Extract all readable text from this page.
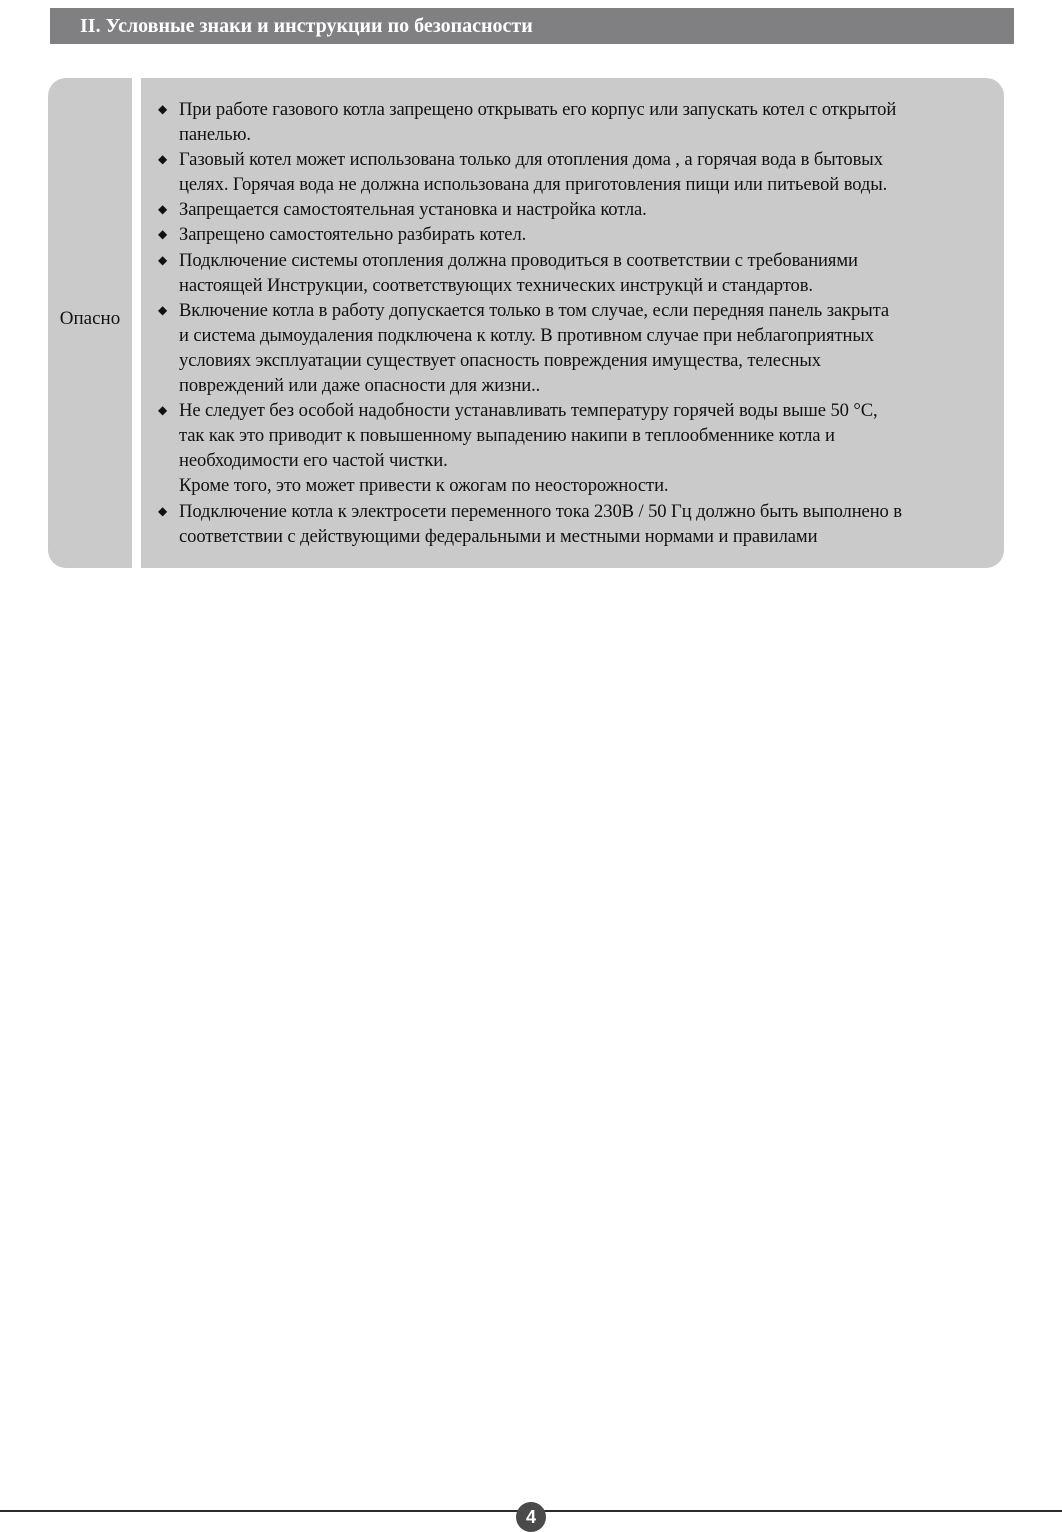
II. Условные знаки и инструкции по безопасности
Опасно
◆ При работе газового котла запрещено открывать его корпус или запускать котел с открытой
панелью.
◆ Газовый котел может использована только для отопления дома , а горячая вода в бытовых
целях. Горячая вода не должна использована для приготовления пищи или питьевой воды.
◆ Запрещается самостоятельная установка и настройка котла.
◆ Запрещено самостоятельно разбирать котел.
◆ Подключение системы отопления должна проводиться в соответствии с требованиями
настоящей Инструкции, соответствующих технических инструкцй и стандартов.
◆ Включение котла в работу допускается только в том случае, если передняя панель закрыта
и система дымоудаления подключена к котлу. В противном случае при неблагоприятных
условиях эксплуатации существует опасность повреждения имущества, телесных
повреждений или даже опасности для жизни..
◆ Не следует без особой надобности устанавливать температуру горячей воды выше 50 °С,
так как это приводит к повышенному выпадению накипи в теплообменнике котла и
необходимости его частой чистки.
Кроме того, это может привести к ожогам по неосторожности.
◆ Подключение котла к электросети переменного тока 230В / 50 Гц должно быть выполнено в
соответствии с действующими федеральными и местными нормами и правилами
4
